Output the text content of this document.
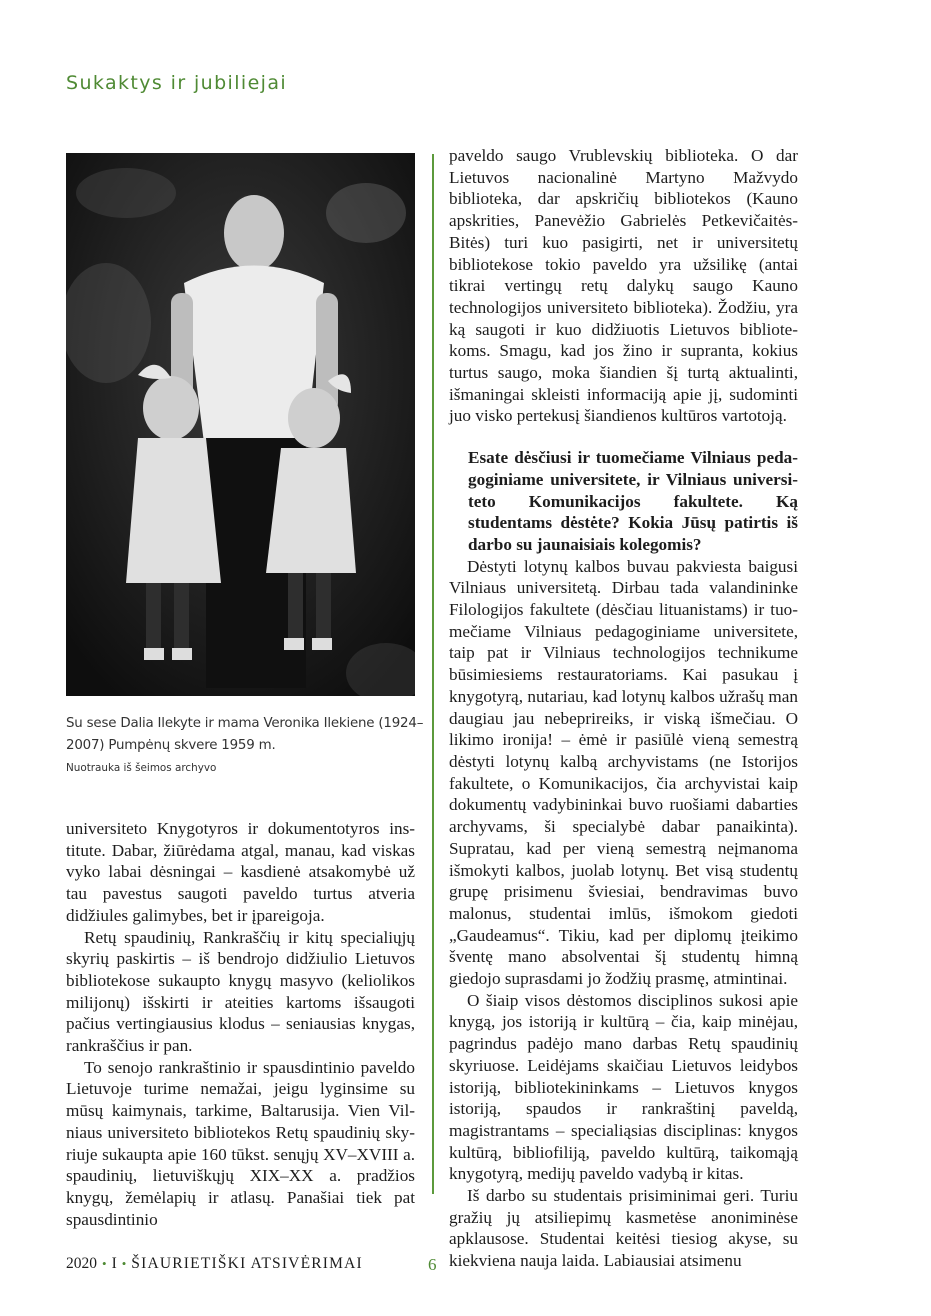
Sukaktys ir jubiliejai
Su sese Dalia Ilekyte ir mama Veronika Ilekiene (1924–2007) Pumpėnų skvere 1959 m.
Nuotrauka iš šeimos archyvo

universiteto Knygotyros ir dokumentotyros institute. Dabar, žiūrėdama atgal, manau, kad viskas vyko labai dėsningai – kasdienė atsakomybė už tau pavestus saugoti paveldo turtus atveria didžiules galimybes, bet ir įpareigoja.

Retų spaudinių, Rankraščių ir kitų specialiųjų skyrių paskirtis – iš bendrojo didžiulio Lietuvos bibliotekose sukaupto knygų masyvo (keliolikos milijonų) išskirti ir ateities kartoms išsaugoti pačius vertingiausius klodus – seniausias knygas, rankraščius ir pan.

To senojo rankraštinio ir spausdintinio paveldo Lietuvoje turime nemažai, jeigu lyginsime su mūsų kaimynais, tarkime, Baltarusija. Vien Vilniaus universiteto bibliotekos Retų spaudinių skyriuje sukaupta apie 160 tūkst. senųjų XV–XVIII a. spaudinių, lietuviškųjų XIX–XX a. pradžios knygų, žemėlapių ir atlasų. Panašiai tiek pat spausdintinio

paveldo saugo Vrublevskių biblioteka. O dar Lietuvos nacionalinė Martyno Mažvydo biblioteka, dar apskričių bibliotekos (Kauno apskrities, Panevėžio Gabrielės Petkevičaitės-Bitės) turi kuo pasigirti, net ir universitetų bibliotekose tokio paveldo yra užsilikę (antai tikrai vertingų retų dalykų saugo Kauno technologijos universiteto biblioteka). Žodžiu, yra ką saugoti ir kuo didžiuotis Lietuvos bibliotekoms. Smagu, kad jos žino ir supranta, kokius turtus saugo, moka šiandien šį turtą aktualinti, išmaningai skleisti informaciją apie jį, sudominti juo visko pertekusį šiandienos kultūros vartotoją.

Esate dėsčiusi ir tuomečiame Vilniaus pedagoginiame universitete, ir Vilniaus universiteto Komunikacijos fakultete. Ką studentams dėstėte? Kokia Jūsų patirtis iš darbo su jaunaisiais kolegomis?

Dėstyti lotynų kalbos buvau pakviesta baigusi Vilniaus universitetą. Dirbau tada valandininke Filologijos fakultete (dėsčiau lituanistams) ir tuomečiame Vilniaus pedagoginiame universitete, taip pat ir Vilniaus technologijos technikume būsimiesiems restauratoriams. Kai pasukau į knygotyrą, nutariau, kad lotynų kalbos užrašų man daugiau jau nebeprireiks, ir viską išmečiau. O likimo ironija! – ėmė ir pasiūlė vieną semestrą dėstyti lotynų kalbą archyvistams (ne Istorijos fakultete, o Komunikacijos, čia archyvistai kaip dokumentų vadybininkai buvo ruošiami dabarties archyvams, ši specialybė dabar panaikinta). Supratau, kad per vieną semestrą neįmanoma išmokyti kalbos, juolab lotynų. Bet visą studentų grupę prisimenu šviesiai, bendravimas buvo malonus, studentai imlūs, išmokom giedoti „Gaudeamus“. Tikiu, kad per diplomų įteikimo šventę mano absolventai šį studentų himną giedojo suprasdami jo žodžių prasmę, atmintinai.

O šiaip visos dėstomos disciplinos sukosi apie knygą, jos istoriją ir kultūrą – čia, kaip minėjau, pagrindus padėjo mano darbas Retų spaudinių skyriuose. Leidėjams skaičiau Lietuvos leidybos istoriją, bibliotekininkams – Lietuvos knygos istoriją, spaudos ir rankraštinį paveldą, magistrantams – specialiąsias disciplinas: knygos kultūrą, bibliofiliją, paveldo kultūrą, taikomąją knygotyrą, medijų paveldo vadybą ir kitas.

Iš darbo su studentais prisiminimai geri. Turiu gražių jų atsiliepimų kasmetėse anoniminėse apklausose. Studentai keitėsi tiesiog akyse, su kiekviena nauja laida. Labiausiai atsimenu

2020 • I • ŠIAURIETIŠKI ATSIVĖRIMAI	6
